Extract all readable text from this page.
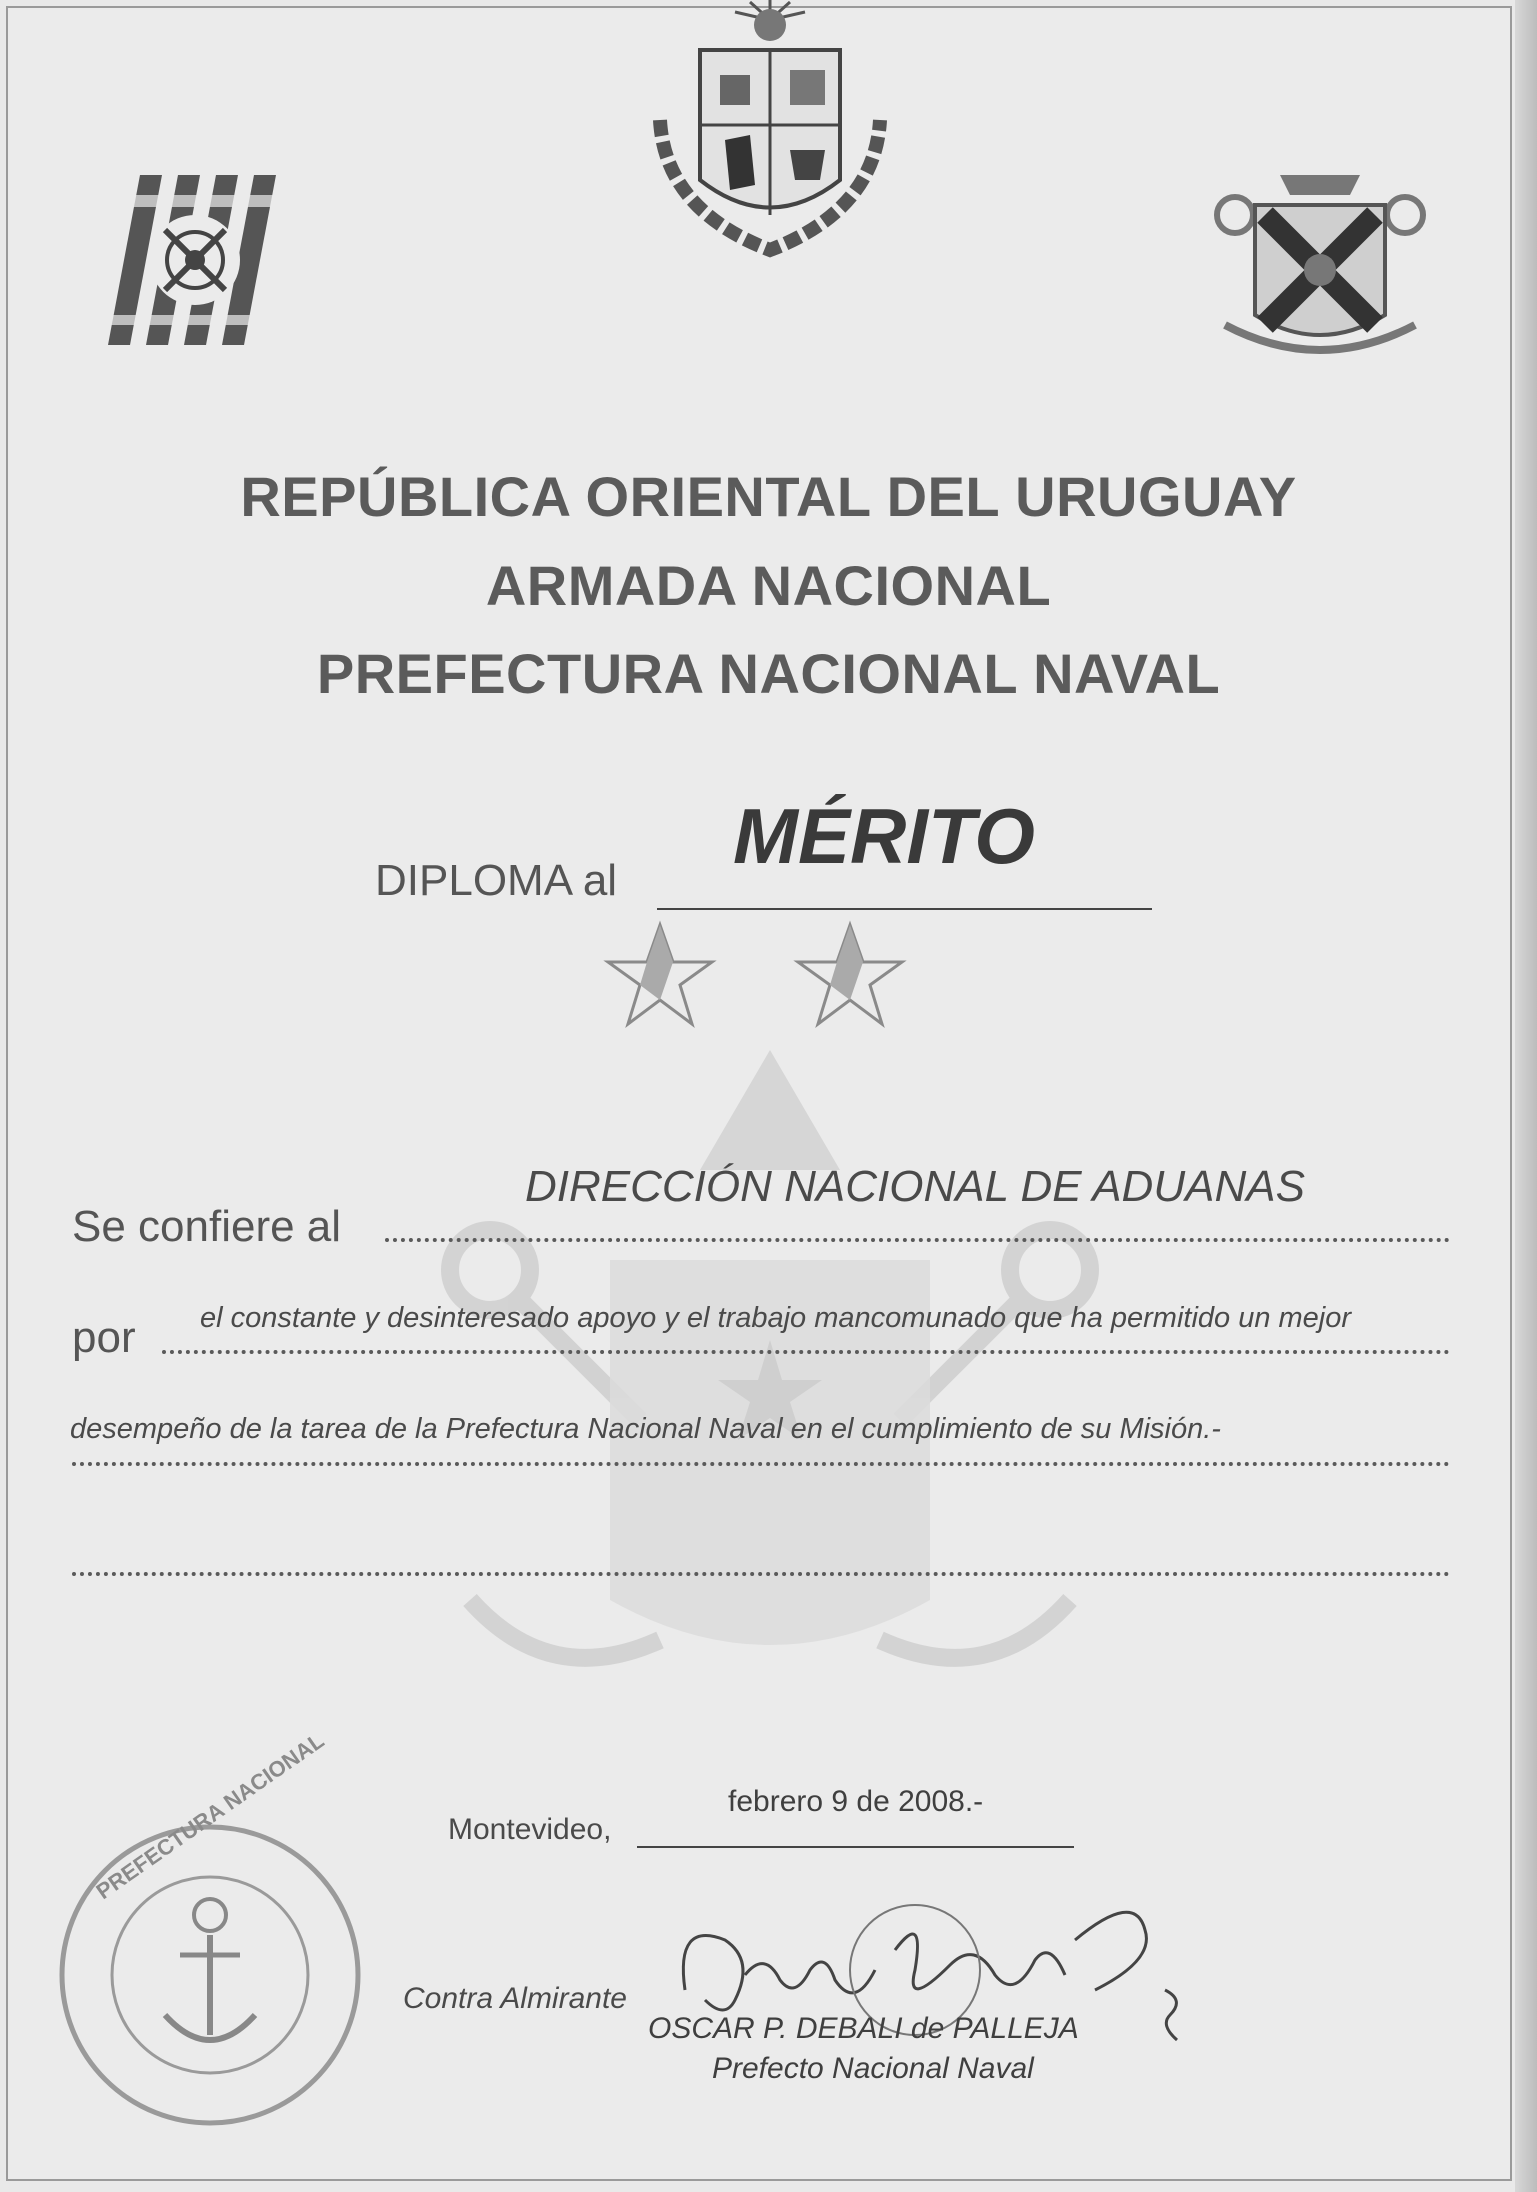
REPÚBLICA ORIENTAL DEL URUGUAY
ARMADA NACIONAL
PREFECTURA NACIONAL NAVAL
DIPLOMA al
MÉRITO
DIRECCIÓN NACIONAL DE ADUANAS
Se confiere al
por el constante y desinteresado apoyo y el trabajo mancomunado que ha permitido un mejor
desempeño de la tarea de la Prefectura Nacional Naval en el cumplimiento de su Misión.-
febrero 9 de 2008.-
Montevideo,
PREFECTURA NACIONAL
Contra Almirante
OSCAR P. DEBALI de PALLEJA
Prefecto Nacional Naval
